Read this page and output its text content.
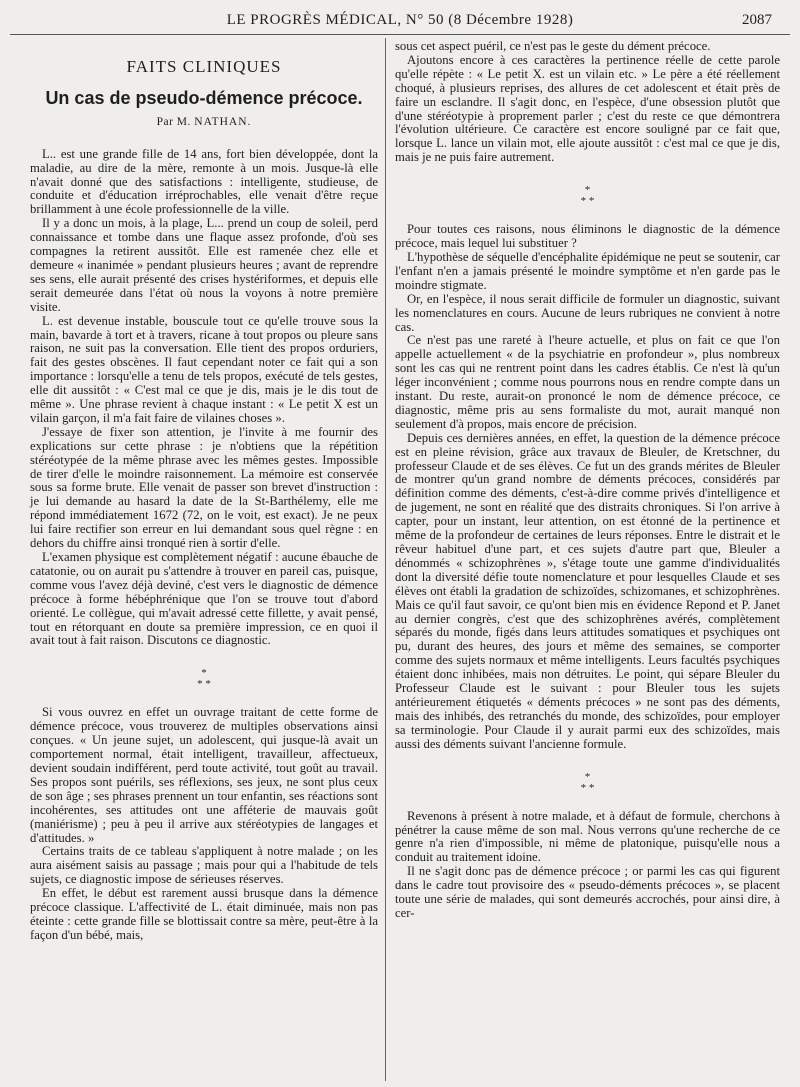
LE PROGRÈS MÉDICAL, N° 50 (8 Décembre 1928)	2087
FAITS CLINIQUES
Un cas de pseudo-démence précoce.
Par M. NATHAN.

L.. est une grande fille de 14 ans, fort bien développée, dont la maladie, au dire de la mère, remonte à un mois. Jusque-là elle n'avait donné que des satisfactions : intelligente, studieuse, de conduite et d'éducation irréprochables, elle venait d'être reçue brillamment à une école professionnelle de la ville.

Il y a donc un mois, à la plage, L... prend un coup de soleil, perd connaissance et tombe dans une flaque assez profonde, d'où ses compagnes la retirent aussitôt. Elle est ramenée chez elle et demeure « inanimée » pendant plusieurs heures ; avant de reprendre ses sens, elle aurait présenté des crises hystériformes, et depuis elle serait demeurée dans l'état où nous la voyons à notre première visite.

L. est devenue instable, bouscule tout ce qu'elle trouve sous la main, bavarde à tort et à travers, ricane à tout propos ou pleure sans raison, ne suit pas la conversation. Elle tient des propos orduriers, fait des gestes obscènes. Il faut cependant noter ce fait qui a son importance : lorsqu'elle a tenu de tels propos, exécuté de tels gestes, elle dit aussitôt : « C'est mal ce que je dis, mais je le dis tout de même ». Une phrase revient à chaque instant : « Le petit X est un vilain garçon, il m'a fait faire de vilaines choses ».

J'essaye de fixer son attention, je l'invite à me fournir des explications sur cette phrase : je n'obtiens que la répétition stéréotypée de la même phrase avec les mêmes gestes. Impossible de tirer d'elle le moindre raisonnement. La mémoire est conservée sous sa forme brute. Elle venait de passer son brevet d'instruction : je lui demande au hasard la date de la St-Barthélemy, elle me répond immédiatement 1672 (72, on le voit, est exact). Je ne peux lui faire rectifier son erreur en lui demandant sous quel règne : en dehors du chiffre ainsi tronqué rien à sortir d'elle.

L'examen physique est complètement négatif : aucune ébauche de catatonie, ou on aurait pu s'attendre à trouver en pareil cas, puisque, comme vous l'avez déjà deviné, c'est vers le diagnostic de démence précoce à forme hébéphrénique que l'on se trouve tout d'abord orienté. Le collègue, qui m'avait adressé cette fillette, y avait pensé, tout en rétorquant en doute sa première impression, ce en quoi il avait tout à fait raison. Discutons ce diagnostic.

*
* *

Si vous ouvrez en effet un ouvrage traitant de cette forme de démence précoce, vous trouverez de multiples observations ainsi conçues. « Un jeune sujet, un adolescent, qui jusque-là avait un comportement normal, était intelligent, travailleur, affectueux, devient soudain indifférent, perd toute activité, tout goût au travail. Ses propos sont puérils, ses réflexions, ses jeux, ne sont plus ceux de son âge ; ses phrases prennent un tour enfantin, ses réactions sont incohérentes, ses attitudes ont une afféterie de mauvais goût (maniérisme) ; peu à peu il arrive aux stéréotypies de langages et d'attitudes. »

Certains traits de ce tableau s'appliquent à notre malade ; on les aura aisément saisis au passage ; mais pour qui a l'habitude de tels sujets, ce diagnostic impose de sérieuses réserves.

En effet, le début est rarement aussi brusque dans la démence précoce classique. L'affectivité de L. était diminuée, mais non pas éteinte : cette grande fille se blottissait contre sa mère, peut-être à la façon d'un bébé, mais,

sous cet aspect puéril, ce n'est pas le geste du dément précoce.

Ajoutons encore à ces caractères la pertinence réelle de cette parole qu'elle répète : « Le petit X. est un vilain etc. » Le père a été réellement choqué, à plusieurs reprises, des allures de cet adolescent et était près de faire un esclandre. Il s'agit donc, en l'espèce, d'une obsession plutôt que d'une stéréotypie à proprement parler ; c'est du reste ce que démontrera l'évolution ultérieure. Ce caractère est encore souligné par ce fait que, lorsque L. lance un vilain mot, elle ajoute aussitôt : c'est mal ce que je dis, mais je ne puis faire autrement.

*
* *

Pour toutes ces raisons, nous éliminons le diagnostic de la démence précoce, mais lequel lui substituer ?

L'hypothèse de séquelle d'encéphalite épidémique ne peut se soutenir, car l'enfant n'en a jamais présenté le moindre symptôme et n'en garde pas le moindre stigmate.

Or, en l'espèce, il nous serait difficile de formuler un diagnostic, suivant les nomenclatures en cours. Aucune de leurs rubriques ne convient à notre cas.

Ce n'est pas une rareté à l'heure actuelle, et plus on fait ce que l'on appelle actuellement « de la psychiatrie en profondeur », plus nombreux sont les cas qui ne rentrent point dans les cadres établis. Ce n'est là qu'un léger inconvénient ; comme nous pourrons nous en rendre compte dans un instant. Du reste, aurait-on prononcé le nom de démence précoce, ce diagnostic, même pris au sens formaliste du mot, aurait manqué non seulement d'à propos, mais encore de précision.

Depuis ces dernières années, en effet, la question de la démence précoce est en pleine révision, grâce aux travaux de Bleuler, de Kretschner, du professeur Claude et de ses élèves. Ce fut un des grands mérites de Bleuler de montrer qu'un grand nombre de déments précoces, considérés par définition comme des déments, c'est-à-dire comme privés d'intelligence et de jugement, ne sont en réalité que des distraits chroniques. Si l'on arrive à capter, pour un instant, leur attention, on est étonné de la pertinence et même de la profondeur de certaines de leurs réponses. Entre le distrait et le rêveur habituel d'une part, et ces sujets d'autre part que, Bleuler a dénommés « schizophrènes », s'étage toute une gamme d'individualités dont la diversité défie toute nomenclature et pour lesquelles Claude et ses élèves ont établi la gradation de schizoïdes, schizomanes, et schizophrènes. Mais ce qu'il faut savoir, ce qu'ont bien mis en évidence Repond et P. Janet au dernier congrès, c'est que des schizophrènes avérés, complètement séparés du monde, figés dans leurs attitudes somatiques et psychiques ont pu, durant des heures, des jours et même des semaines, se comporter comme des sujets normaux et même intelligents. Leurs facultés psychiques étaient donc inhibées, mais non détruites. Le point, qui sépare Bleuler du Professeur Claude est le suivant : pour Bleuler tous les sujets antérieurement étiquetés « déments précoces » ne sont pas des déments, mais des inhibés, des retranchés du monde, des schizoïdes, pour employer sa terminologie. Pour Claude il y aurait parmi eux des schizoïdes, mais aussi des déments suivant l'ancienne formule.

*
* *

Revenons à présent à notre malade, et à défaut de formule, cherchons à pénétrer la cause même de son mal. Nous verrons qu'une recherche de ce genre n'a rien d'impossible, ni même de platonique, puisqu'elle nous a conduit au traitement idoine.

Il ne s'agit donc pas de démence précoce ; or parmi les cas qui figurent dans le cadre tout provisoire des « pseudo-déments précoces », se placent toute une série de malades, qui sont demeurés accrochés, pour ainsi dire, à cer-
